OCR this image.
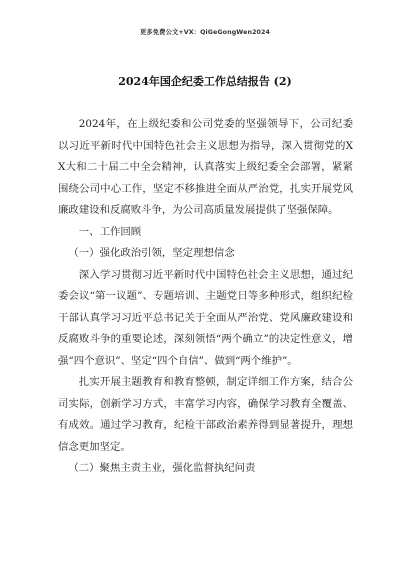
更多免费公文+VX：QiGeGongWen2024
2024年国企纪委工作总结报告 (2)

2024年，在上级纪委和公司党委的坚强领导下，公司纪委以习近平新时代中国特色社会主义思想为指导，深入贯彻党的XX大和二十届二中全会精神，认真落实上级纪委全会部署，紧紧围绕公司中心工作，坚定不移推进全面从严治党，扎实开展党风廉政建设和反腐败斗争，为公司高质量发展提供了坚强保障。

一、工作回顾

（一）强化政治引领，坚定理想信念

深入学习贯彻习近平新时代中国特色社会主义思想，通过纪委会议“第一议题”、专题培训、主题党日等多种形式，组织纪检干部认真学习习近平总书记关于全面从严治党、党风廉政建设和反腐败斗争的重要论述，深刻领悟“两个确立”的决定性意义，增强“四个意识”、坚定“四个自信”、做到“两个维护”。

扎实开展主题教育和教育整顿，制定详细工作方案，结合公司实际，创新学习方式，丰富学习内容，确保学习教育全覆盖、有成效。通过学习教育，纪检干部政治素养得到显著提升，理想信念更加坚定。

（二）聚焦主责主业，强化监督执纪问责
